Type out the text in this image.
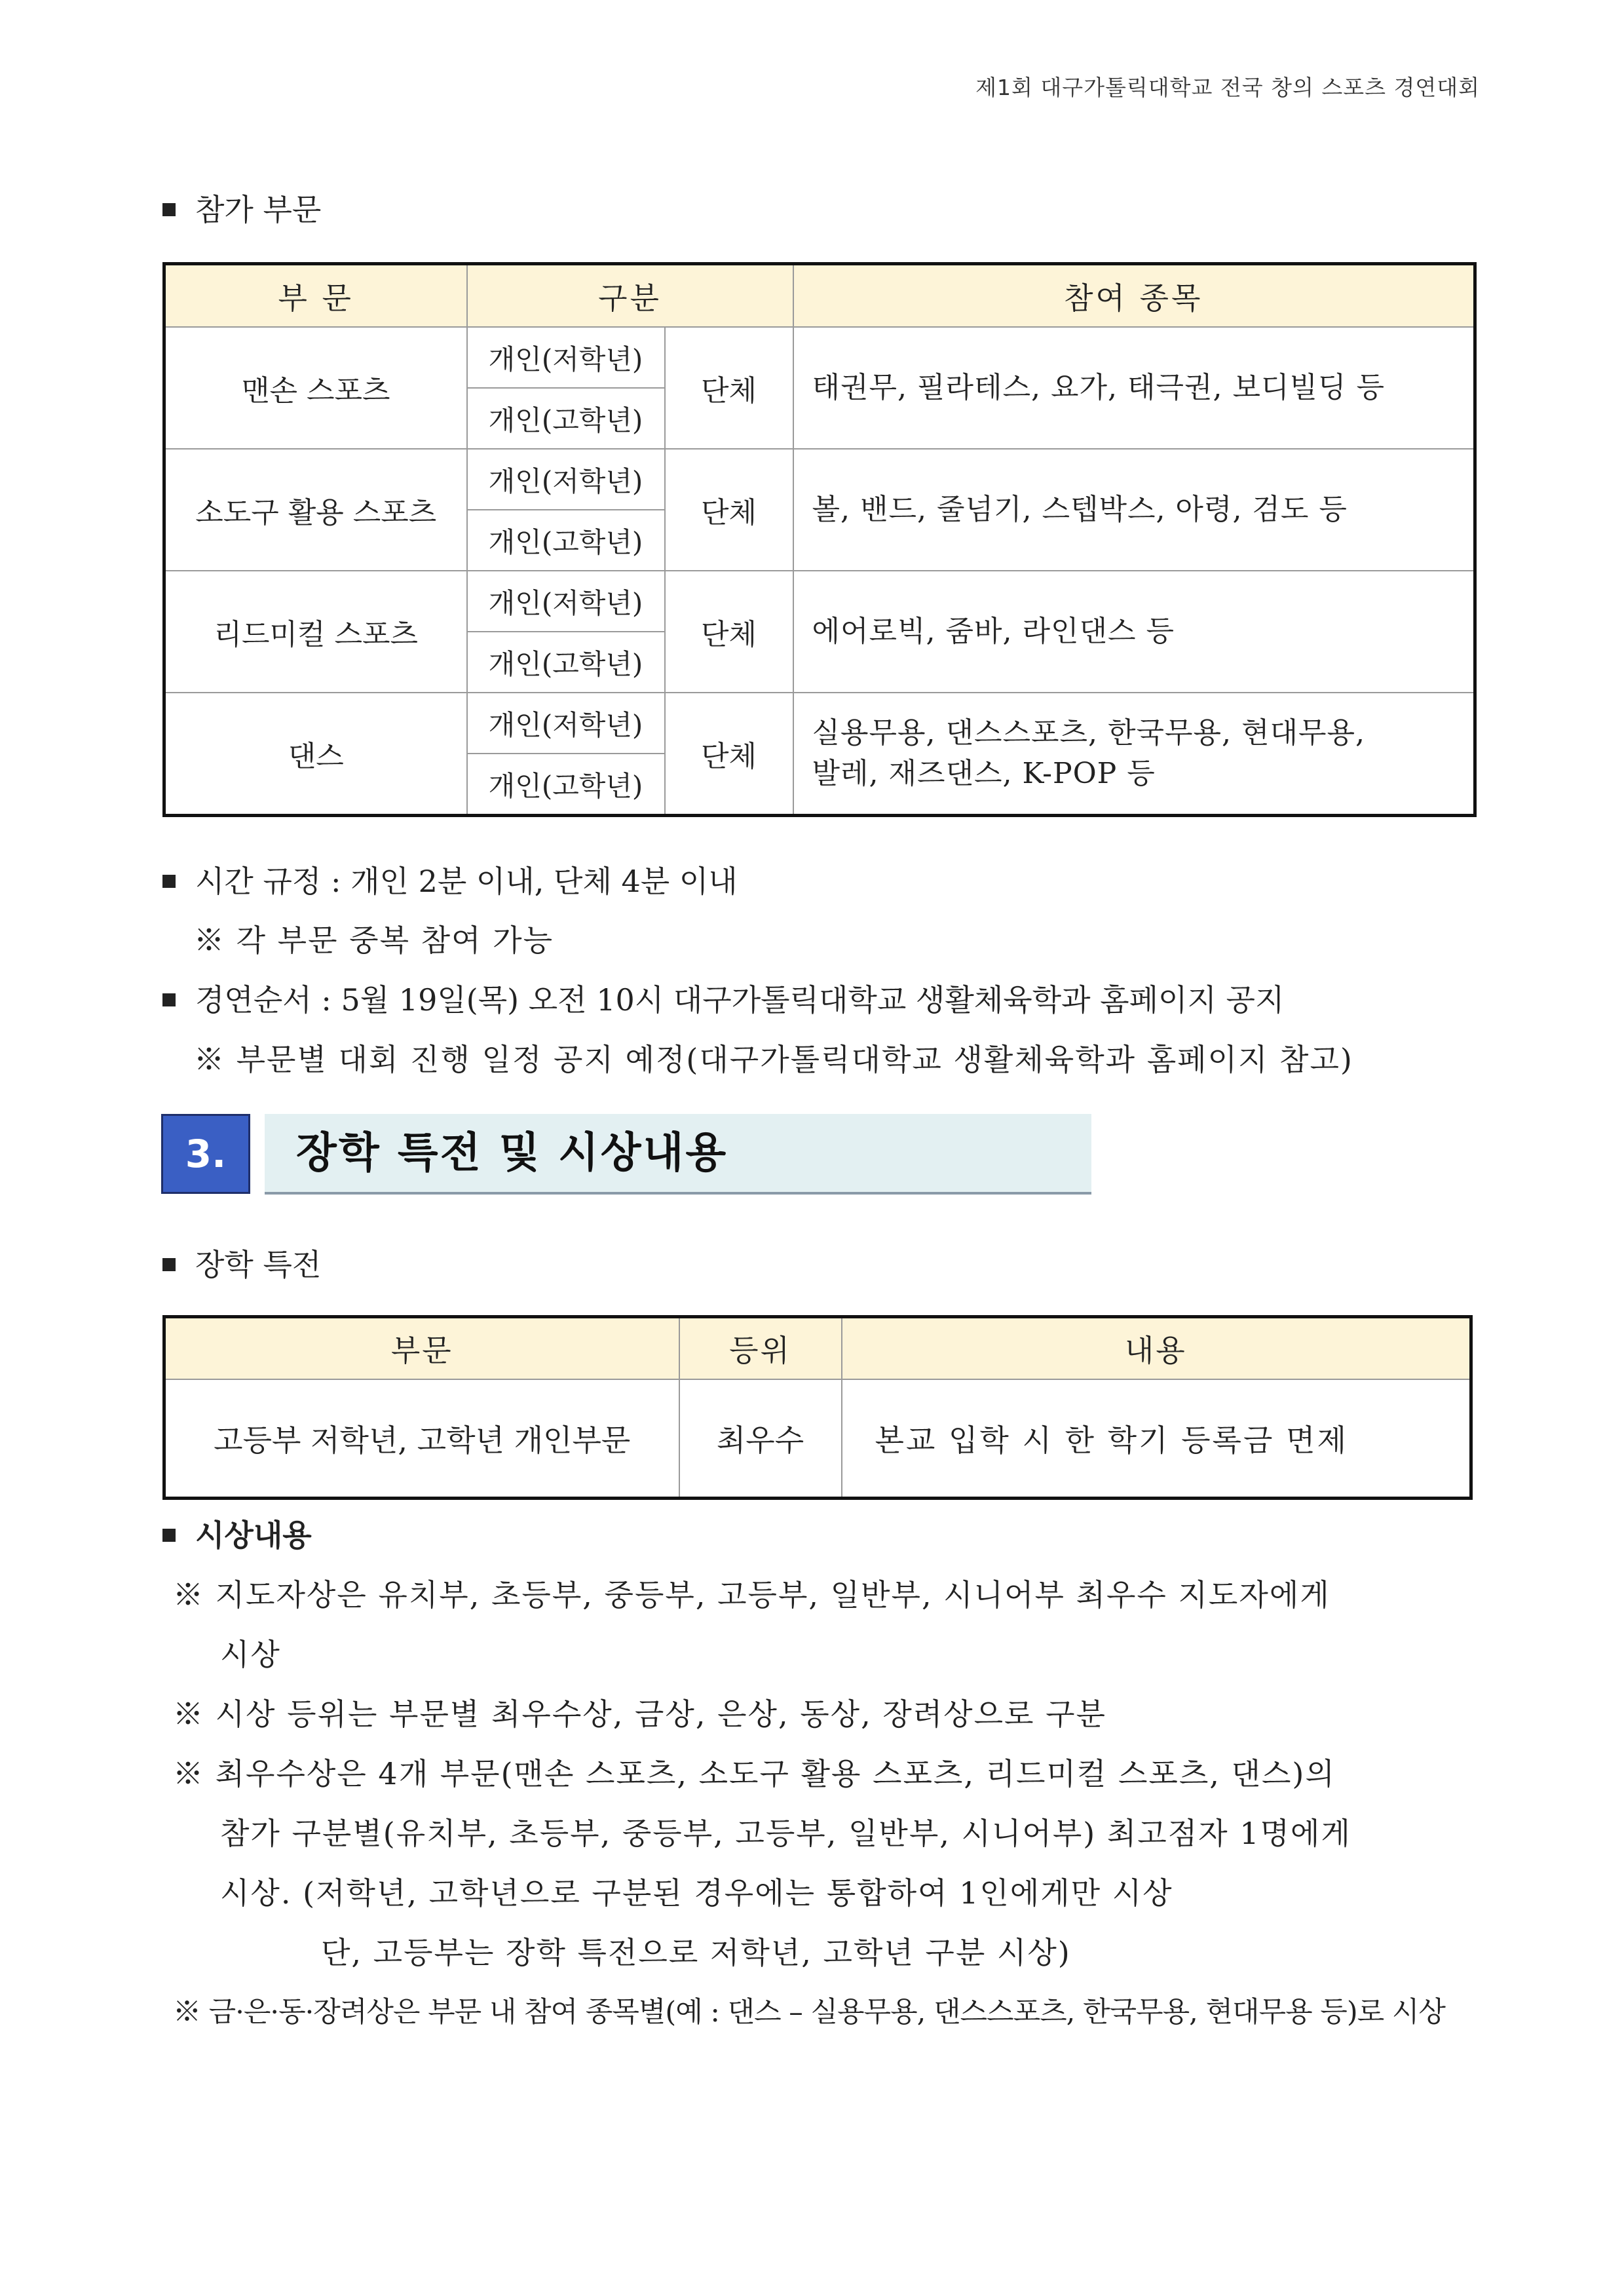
제1회 대구가톨릭대학교 전국 창의 스포츠 경연대회
참가 부문
부 문	구분		참여 종목
맨손 스포츠	개인(저학년)	단체	태권무, 필라테스, 요가, 태극권, 보디빌딩 등
	개인(고학년)		
소도구 활용 스포츠	개인(저학년)	단체	볼, 밴드, 줄넘기, 스텝박스, 아령, 검도 등
	개인(고학년)		
리드미컬 스포츠	개인(저학년)	단체	에어로빅, 줌바, 라인댄스 등
	개인(고학년)		
댄스	개인(저학년)	단체	실용무용, 댄스스포츠, 한국무용, 현대무용,
발레, 재즈댄스, K-POP 등

	개인(고학년)		
시간 규정 : 개인 2분 이내, 단체 4분 이내
※ 각 부문 중복 참여 가능
경연순서 : 5월 19일(목) 오전 10시 대구가톨릭대학교 생활체육학과 홈페이지 공지
※ 부문별 대회 진행 일정 공지 예정(대구가톨릭대학교 생활체육학과 홈페이지 참고)
3.	장학 특전 및 시상내용
장학 특전
부문	등위	내용
고등부 저학년, 고학년 개인부문	최우수	본교 입학 시 한 학기 등록금 면제
시상내용
※ 지도자상은 유치부, 초등부, 중등부, 고등부, 일반부, 시니어부 최우수 지도자에게
시상
※ 시상 등위는 부문별 최우수상, 금상, 은상, 동상, 장려상으로 구분
※ 최우수상은 4개 부문(맨손 스포츠, 소도구 활용 스포츠, 리드미컬 스포츠, 댄스)의
참가 구분별(유치부, 초등부, 중등부, 고등부, 일반부, 시니어부) 최고점자 1명에게
시상. (저학년, 고학년으로 구분된 경우에는 통합하여 1인에게만 시상
단, 고등부는 장학 특전으로 저학년, 고학년 구분 시상)
※ 금·은·동·장려상은 부문 내 참여 종목별(예 : 댄스 – 실용무용, 댄스스포츠, 한국무용, 현대무용 등)로 시상
